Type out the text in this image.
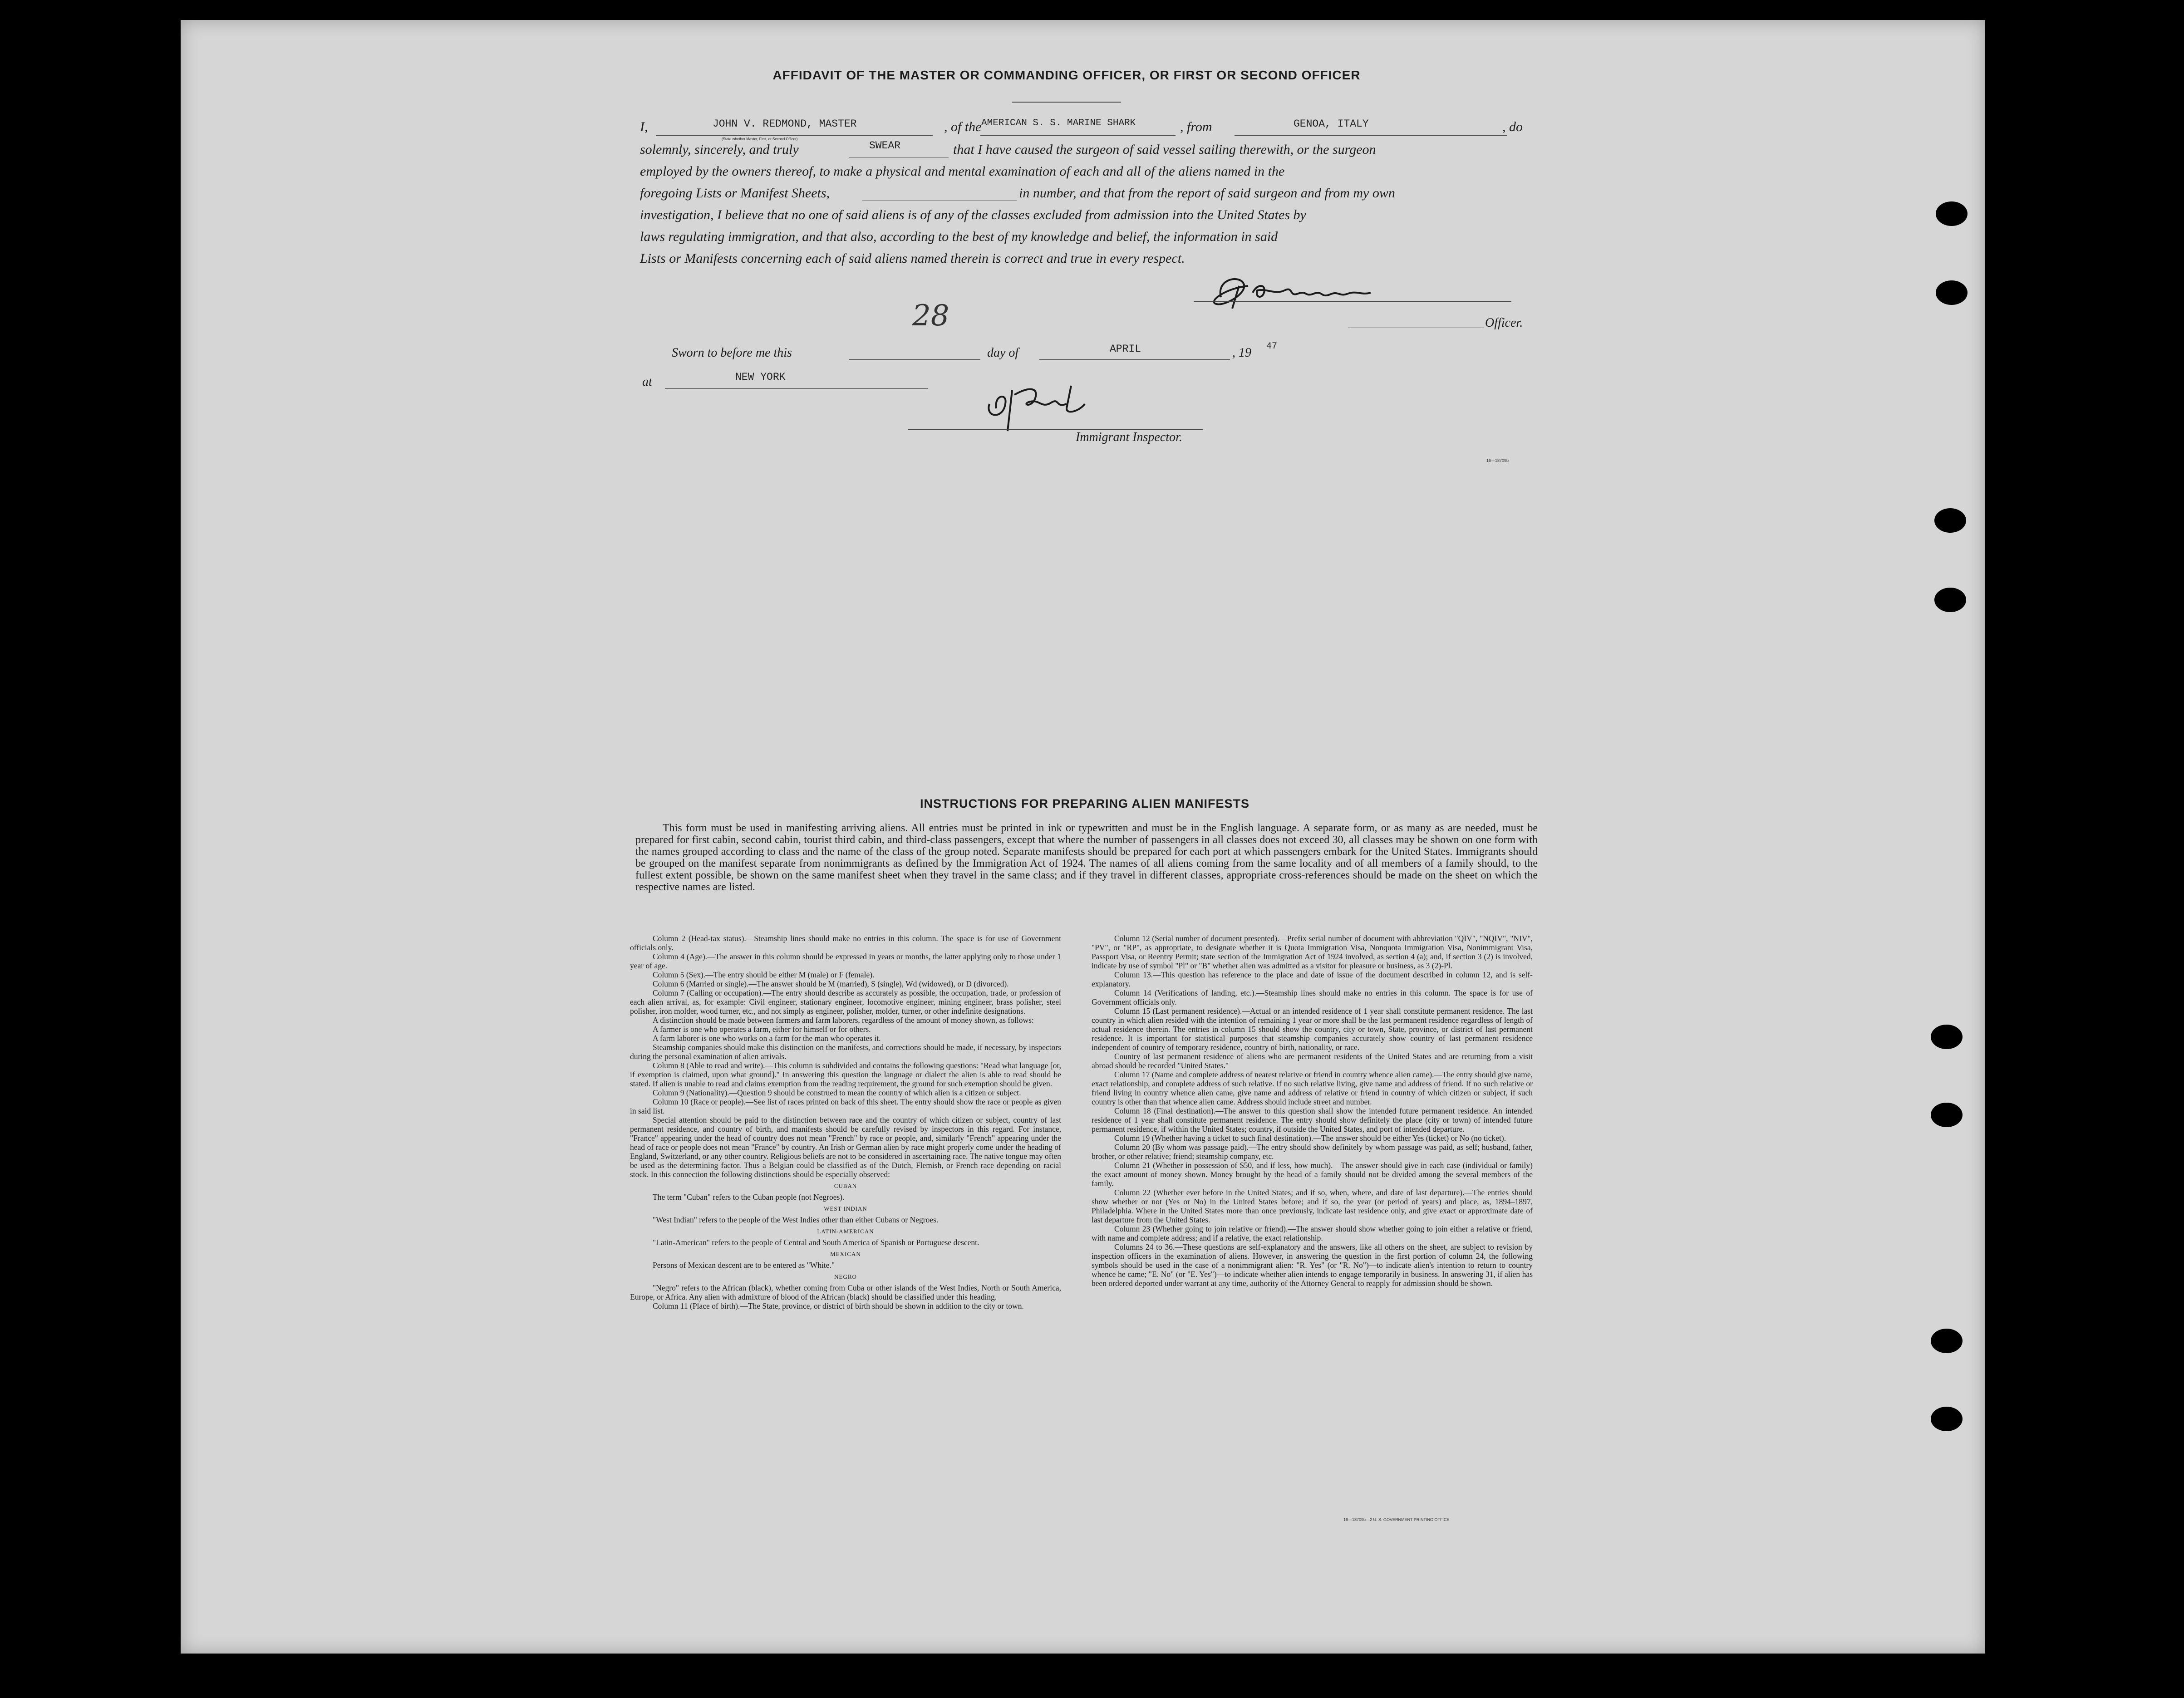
AFFIDAVIT OF THE MASTER OR COMMANDING OFFICER, OR FIRST OR SECOND OFFICER
I,	JOHN V. REDMOND, MASTER
(State whether Master, First, or Second Officer)
, of the AMERICAN S. S. MARINE SHARK	, from	GENOA, ITALY	, do
solemnly, sincerely, and truly	SWEAR	that I have caused the surgeon of said vessel sailing therewith, or the surgeon
employed by the owners thereof, to make a physical and mental examination of each and all of the aliens named in the
foregoing Lists or Manifest Sheets,	in number, and that from the report of said surgeon and from my own
investigation, I believe that no one of said aliens is of any of the classes excluded from admission into the United States by
laws regulating immigration, and that also, according to the best of my knowledge and belief, the information in said
Lists or Manifests concerning each of said aliens named therein is correct and true in every respect.
Officer.
Sworn to before me this
28
day of	APRIL	, 19 47
at	NEW YORK
Immigrant Inspector.
16—18709b
INSTRUCTIONS FOR PREPARING ALIEN MANIFESTS

This form must be used in manifesting arriving aliens. All entries must be printed in ink or typewritten and must be in the English language. A separate form, or as many as are needed, must be prepared for first cabin, second cabin, tourist third cabin, and third-class passengers, except that where the number of passengers in all classes does not exceed 30, all classes may be shown on one form with the names grouped according to class and the name of the class of the group noted. Separate manifests should be prepared for each port at which passengers embark for the United States. Immigrants should be grouped on the manifest separate from nonimmigrants as defined by the Immigration Act of 1924. The names of all aliens coming from the same locality and of all members of a family should, to the fullest extent possible, be shown on the same manifest sheet when they travel in the same class; and if they travel in different classes, appropriate cross-references should be made on the sheet on which the respective names are listed.

Column 2 (Head-tax status).—Steamship lines should make no entries in this column. The space is for use of Government officials only.

Column 4 (Age).—The answer in this column should be expressed in years or months, the latter applying only to those under 1 year of age.

Column 5 (Sex).—The entry should be either M (male) or F (female).

Column 6 (Married or single).—The answer should be M (married), S (single), Wd (widowed), or D (divorced).

Column 7 (Calling or occupation).—The entry should describe as accurately as possible, the occupation, trade, or profession of each alien arrival, as, for example: Civil engineer, stationary engineer, locomotive engineer, mining engineer, brass polisher, steel polisher, iron molder, wood turner, etc., and not simply as engineer, polisher, molder, turner, or other indefinite designations.

A distinction should be made between farmers and farm laborers, regardless of the amount of money shown, as follows:

A farmer is one who operates a farm, either for himself or for others.

A farm laborer is one who works on a farm for the man who operates it.

Steamship companies should make this distinction on the manifests, and corrections should be made, if necessary, by inspectors during the personal examination of alien arrivals.

Column 8 (Able to read and write).—This column is subdivided and contains the following questions: "Read what language [or, if exemption is claimed, upon what ground]." In answering this question the language or dialect the alien is able to read should be stated. If alien is unable to read and claims exemption from the reading requirement, the ground for such exemption should be given.

Column 9 (Nationality).—Question 9 should be construed to mean the country of which alien is a citizen or subject.

Column 10 (Race or people).—See list of races printed on back of this sheet. The entry should show the race or people as given in said list.

Special attention should be paid to the distinction between race and the country of which citizen or subject, country of last permanent residence, and country of birth, and manifests should be carefully revised by inspectors in this regard. For instance, "France" appearing under the head of country does not mean "French" by race or people, and, similarly "French" appearing under the head of race or people does not mean "France" by country. An Irish or German alien by race might properly come under the heading of England, Switzerland, or any other country. Religious beliefs are not to be considered in ascertaining race. The native tongue may often be used as the determining factor. Thus a Belgian could be classified as of the Dutch, Flemish, or French race depending on racial stock. In this connection the following distinctions should be especially observed:

CUBAN

The term "Cuban" refers to the Cuban people (not Negroes).

WEST INDIAN

"West Indian" refers to the people of the West Indies other than either Cubans or Negroes.

LATIN-AMERICAN

"Latin-American" refers to the people of Central and South America of Spanish or Portuguese descent.

MEXICAN

Persons of Mexican descent are to be entered as "White."

NEGRO

"Negro" refers to the African (black), whether coming from Cuba or other islands of the West Indies, North or South America, Europe, or Africa. Any alien with admixture of blood of the African (black) should be classified under this heading.

Column 11 (Place of birth).—The State, province, or district of birth should be shown in addition to the city or town.

Column 12 (Serial number of document presented).—Prefix serial number of document with abbreviation "QIV", "NQIV", "NIV", "PV", or "RP", as appropriate, to designate whether it is Quota Immigration Visa, Nonquota Immigration Visa, Nonimmigrant Visa, Passport Visa, or Reentry Permit; state section of the Immigration Act of 1924 involved, as section 4 (a); and, if section 3 (2) is involved, indicate by use of symbol "Pl" or "B" whether alien was admitted as a visitor for pleasure or business, as 3 (2)-Pl.

Column 13.—This question has reference to the place and date of issue of the document described in column 12, and is self-explanatory.

Column 14 (Verifications of landing, etc.).—Steamship lines should make no entries in this column. The space is for use of Government officials only.

Column 15 (Last permanent residence).—Actual or an intended residence of 1 year shall constitute permanent residence. The last country in which alien resided with the intention of remaining 1 year or more shall be the last permanent residence regardless of length of actual residence therein. The entries in column 15 should show the country, city or town, State, province, or district of last permanent residence. It is important for statistical purposes that steamship companies accurately show country of last permanent residence independent of country of temporary residence, country of birth, nationality, or race.

Country of last permanent residence of aliens who are permanent residents of the United States and are returning from a visit abroad should be recorded "United States."

Column 17 (Name and complete address of nearest relative or friend in country whence alien came).—The entry should give name, exact relationship, and complete address of such relative. If no such relative living, give name and address of friend. If no such relative or friend living in country whence alien came, give name and address of relative or friend in country of which citizen or subject, if such country is other than that whence alien came. Address should include street and number.

Column 18 (Final destination).—The answer to this question shall show the intended future permanent residence. An intended residence of 1 year shall constitute permanent residence. The entry should show definitely the place (city or town) of intended future permanent residence, if within the United States; country, if outside the United States, and port of intended departure.

Column 19 (Whether having a ticket to such final destination).—The answer should be either Yes (ticket) or No (no ticket).

Column 20 (By whom was passage paid).—The entry should show definitely by whom passage was paid, as self; husband, father, brother, or other relative; friend; steamship company, etc.

Column 21 (Whether in possession of $50, and if less, how much).—The answer should give in each case (individual or family) the exact amount of money shown. Money brought by the head of a family should not be divided among the several members of the family.

Column 22 (Whether ever before in the United States; and if so, when, where, and date of last departure).—The entries should show whether or not (Yes or No) in the United States before; and if so, the year (or period of years) and place, as, 1894–1897, Philadelphia. Where in the United States more than once previously, indicate last residence only, and give exact or approximate date of last departure from the United States.

Column 23 (Whether going to join relative or friend).—The answer should show whether going to join either a relative or friend, with name and complete address; and if a relative, the exact relationship.

Columns 24 to 36.—These questions are self-explanatory and the answers, like all others on the sheet, are subject to revision by inspection officers in the examination of aliens. However, in answering the question in the first portion of column 24, the following symbols should be used in the case of a nonimmigrant alien: "R. Yes" (or "R. No")—to indicate alien's intention to return to country whence he came; "E. No" (or "E. Yes")—to indicate whether alien intends to engage temporarily in business. In answering 31, if alien has been ordered deported under warrant at any time, authority of the Attorney General to reapply for admission should be shown.

16—18709b—2 U. S. GOVERNMENT PRINTING OFFICE
